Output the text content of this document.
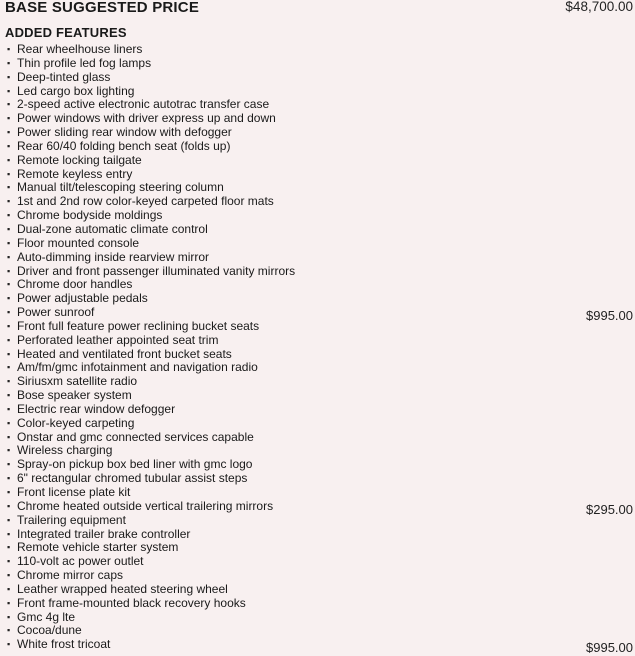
BASE SUGGESTED PRICE	$48,700.00
ADDED FEATURES
▪ Rear wheelhouse liners
▪ Thin profile led fog lamps
▪ Deep-tinted glass
▪ Led cargo box lighting
▪ 2-speed active electronic autotrac transfer case
▪ Power windows with driver express up and down
▪ Power sliding rear window with defogger
▪ Rear 60/40 folding bench seat (folds up)
▪ Remote locking tailgate
▪ Remote keyless entry
▪ Manual tilt/telescoping steering column
▪ 1st and 2nd row color-keyed carpeted floor mats
▪ Chrome bodyside moldings
▪ Dual-zone automatic climate control
▪ Floor mounted console
▪ Auto-dimming inside rearview mirror
▪ Driver and front passenger illuminated vanity mirrors
▪ Chrome door handles
▪ Power adjustable pedals
▪ Power sunroof	$995.00
▪ Front full feature power reclining bucket seats
▪ Perforated leather appointed seat trim
▪ Heated and ventilated front bucket seats
▪ Am/fm/gmc infotainment and navigation radio
▪ Siriusxm satellite radio
▪ Bose speaker system
▪ Electric rear window defogger
▪ Color-keyed carpeting
▪ Onstar and gmc connected services capable
▪ Wireless charging
▪ Spray-on pickup box bed liner with gmc logo
▪ 6" rectangular chromed tubular assist steps
▪ Front license plate kit
▪ Chrome heated outside vertical trailering mirrors	$295.00
▪ Trailering equipment
▪ Integrated trailer brake controller
▪ Remote vehicle starter system
▪ 110-volt ac power outlet
▪ Chrome mirror caps
▪ Leather wrapped heated steering wheel
▪ Front frame-mounted black recovery hooks
▪ Gmc 4g lte
▪ Cocoa/dune
▪ White frost tricoat	$995.00
